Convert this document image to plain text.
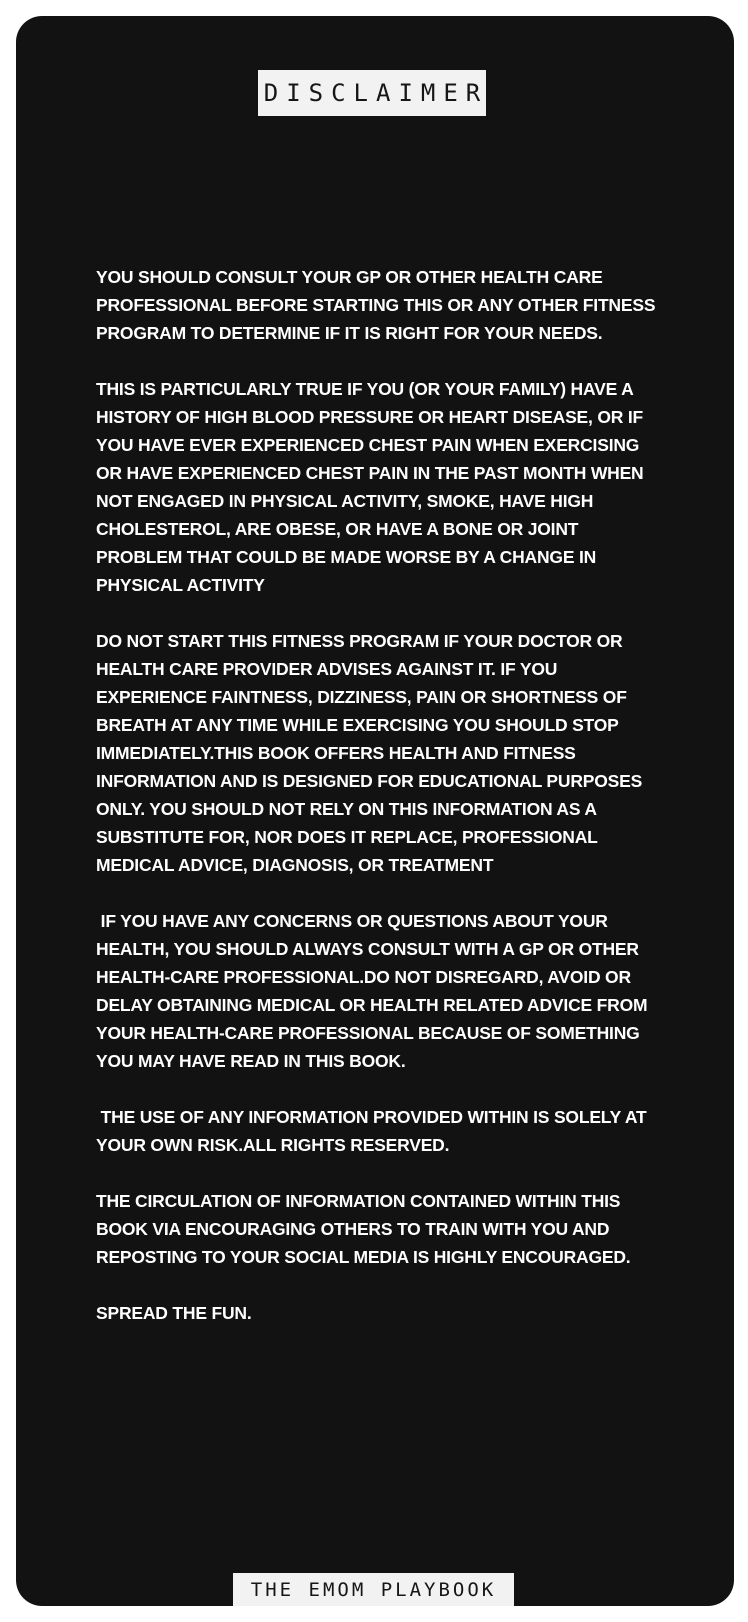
DISCLAIMER

YOU SHOULD CONSULT YOUR GP OR OTHER HEALTH CARE PROFESSIONAL BEFORE STARTING THIS OR ANY OTHER FITNESS PROGRAM TO DETERMINE IF IT IS RIGHT FOR YOUR NEEDS.

THIS IS PARTICULARLY TRUE IF YOU (OR YOUR FAMILY) HAVE A HISTORY OF HIGH BLOOD PRESSURE OR HEART DISEASE, OR IF YOU HAVE EVER EXPERIENCED CHEST PAIN WHEN EXERCISING OR HAVE EXPERIENCED CHEST PAIN IN THE PAST MONTH WHEN NOT ENGAGED IN PHYSICAL ACTIVITY, SMOKE, HAVE HIGH CHOLESTEROL, ARE OBESE, OR HAVE A BONE OR JOINT PROBLEM THAT COULD BE MADE WORSE BY A CHANGE IN PHYSICAL ACTIVITY

DO NOT START THIS FITNESS PROGRAM IF YOUR DOCTOR OR HEALTH CARE PROVIDER ADVISES AGAINST IT. IF YOU EXPERIENCE FAINTNESS, DIZZINESS, PAIN OR SHORTNESS OF BREATH AT ANY TIME WHILE EXERCISING YOU SHOULD STOP IMMEDIATELY.THIS BOOK OFFERS HEALTH AND FITNESS INFORMATION AND IS DESIGNED FOR EDUCATIONAL PURPOSES ONLY. YOU SHOULD NOT RELY ON THIS INFORMATION AS A SUBSTITUTE FOR, NOR DOES IT REPLACE, PROFESSIONAL MEDICAL ADVICE, DIAGNOSIS, OR TREATMENT

IF YOU HAVE ANY CONCERNS OR QUESTIONS ABOUT YOUR HEALTH, YOU SHOULD ALWAYS CONSULT WITH A GP OR OTHER HEALTH-CARE PROFESSIONAL.DO NOT DISREGARD, AVOID OR DELAY OBTAINING MEDICAL OR HEALTH RELATED ADVICE FROM YOUR HEALTH-CARE PROFESSIONAL BECAUSE OF SOMETHING YOU MAY HAVE READ IN THIS BOOK.

THE USE OF ANY INFORMATION PROVIDED WITHIN IS SOLELY AT YOUR OWN RISK.ALL RIGHTS RESERVED.

THE CIRCULATION OF INFORMATION CONTAINED WITHIN THIS BOOK VIA ENCOURAGING OTHERS TO TRAIN WITH YOU AND REPOSTING TO YOUR SOCIAL MEDIA IS HIGHLY ENCOURAGED.

SPREAD THE FUN.

THE EMOM PLAYBOOK
